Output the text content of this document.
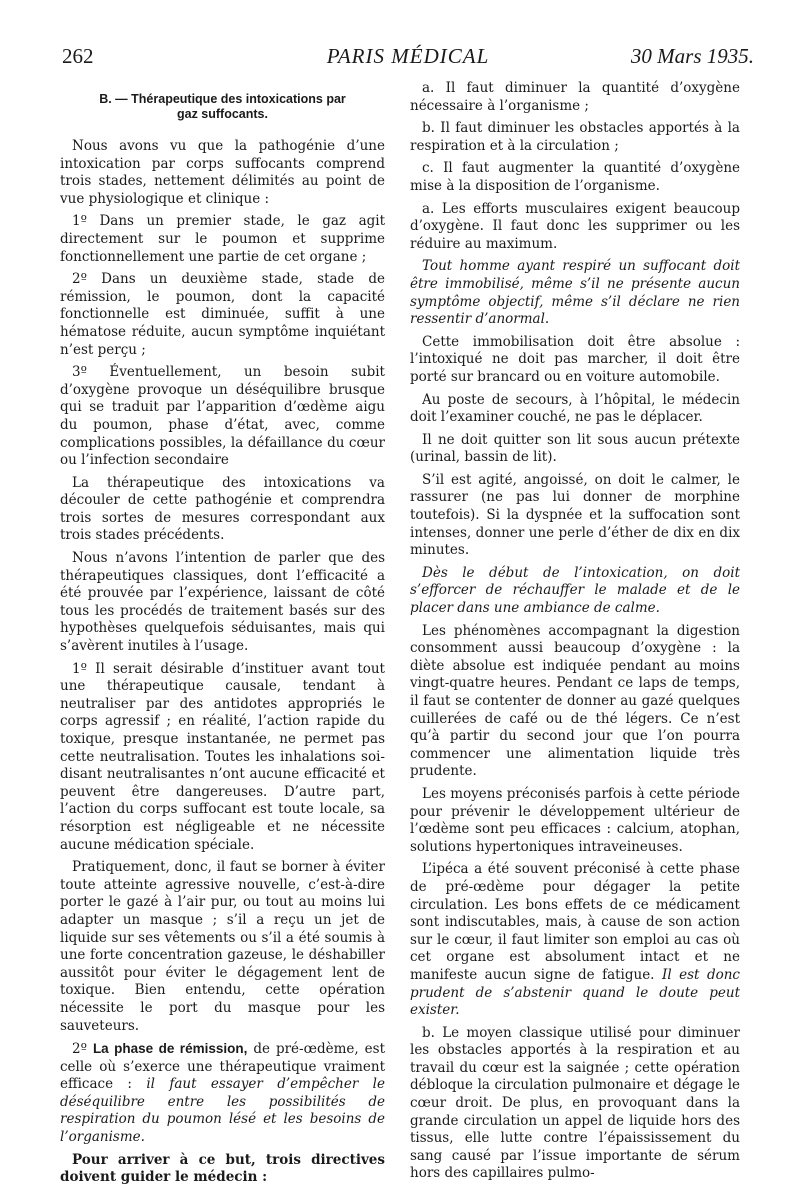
262	PARIS MÉDICAL	30 Mars 1935.
B. — Thérapeutique des intoxications par
gaz suffocants.

Nous avons vu que la pathogénie d’une intoxication par corps suffocants comprend trois stades, nettement délimités au point de vue physiologique et clinique :

1º Dans un premier stade, le gaz agit directement sur le poumon et supprime fonctionnellement une partie de cet organe ;

2º Dans un deuxième stade, stade de rémission, le poumon, dont la capacité fonctionnelle est diminuée, suffit à une hématose réduite, aucun symptôme inquiétant n’est perçu ;

3º Éventuellement, un besoin subit d’oxygène provoque un déséquilibre brusque qui se traduit par l’apparition d’œdème aigu du poumon, phase d’état, avec, comme complications possibles, la défaillance du cœur ou l’infection secondaire

La thérapeutique des intoxications va découler de cette pathogénie et comprendra trois sortes de mesures correspondant aux trois stades précédents.

Nous n’avons l’intention de parler que des thérapeutiques classiques, dont l’efficacité a été prouvée par l’expérience, laissant de côté tous les procédés de traitement basés sur des hypothèses quelquefois séduisantes, mais qui s’avèrent inutiles à l’usage.

1º Il serait désirable d’instituer avant tout une thérapeutique causale, tendant à neutraliser par des antidotes appropriés le corps agressif ; en réalité, l’action rapide du toxique, presque instantanée, ne permet pas cette neutralisation. Toutes les inhalations soi-disant neutralisantes n’ont aucune efficacité et peuvent être dangereuses. D’autre part, l’action du corps suffocant est toute locale, sa résorption est négligeable et ne nécessite aucune médication spéciale.

Pratiquement, donc, il faut se borner à éviter toute atteinte agressive nouvelle, c’est-à-dire porter le gazé à l’air pur, ou tout au moins lui adapter un masque ; s’il a reçu un jet de liquide sur ses vêtements ou s’il a été soumis à une forte concentration gazeuse, le déshabiller aussitôt pour éviter le dégagement lent de toxique. Bien entendu, cette opération nécessite le port du masque pour les sauveteurs.

2º La phase de rémission, de pré-œdème, est celle où s’exerce une thérapeutique vraiment efficace : il faut essayer d’empêcher le déséquilibre entre les possibilités de respiration du poumon lésé et les besoins de l’organisme.

Pour arriver à ce but, trois directives doivent guider le médecin :

a. Il faut diminuer la quantité d’oxygène nécessaire à l’organisme ;

b. Il faut diminuer les obstacles apportés à la respiration et à la circulation ;

c. Il faut augmenter la quantité d’oxygène mise à la disposition de l’organisme.

a. Les efforts musculaires exigent beaucoup d’oxygène. Il faut donc les supprimer ou les réduire au maximum.

Tout homme ayant respiré un suffocant doit être immobilisé, même s’il ne présente aucun symptôme objectif, même s’il déclare ne rien ressentir d’anormal.

Cette immobilisation doit être absolue : l’intoxiqué ne doit pas marcher, il doit être porté sur brancard ou en voiture automobile.

Au poste de secours, à l’hôpital, le médecin doit l’examiner couché, ne pas le déplacer.

Il ne doit quitter son lit sous aucun prétexte (urinal, bassin de lit).

S’il est agité, angoissé, on doit le calmer, le rassurer (ne pas lui donner de morphine toutefois). Si la dyspnée et la suffocation sont intenses, donner une perle d’éther de dix en dix minutes.

Dès le début de l’intoxication, on doit s’efforcer de réchauffer le malade et de le placer dans une ambiance de calme.

Les phénomènes accompagnant la digestion consomment aussi beaucoup d’oxygène : la diète absolue est indiquée pendant au moins vingt-quatre heures. Pendant ce laps de temps, il faut se contenter de donner au gazé quelques cuillerées de café ou de thé légers. Ce n’est qu’à partir du second jour que l’on pourra commencer une alimentation liquide très prudente.

Les moyens préconisés parfois à cette période pour prévenir le développement ultérieur de l’œdème sont peu efficaces : calcium, atophan, solutions hypertoniques intraveineuses.

L’ipéca a été souvent préconisé à cette phase de pré-œdème pour dégager la petite circulation. Les bons effets de ce médicament sont indiscutables, mais, à cause de son action sur le cœur, il faut limiter son emploi au cas où cet organe est absolument intact et ne manifeste aucun signe de fatigue. Il est donc prudent de s’abstenir quand le doute peut exister.

b. Le moyen classique utilisé pour diminuer les obstacles apportés à la respiration et au travail du cœur est la saignée ; cette opération débloque la circulation pulmonaire et dégage le cœur droit. De plus, en provoquant dans la grande circulation un appel de liquide hors des tissus, elle lutte contre l’épaississement du sang causé par l’issue importante de sérum hors des capillaires pulmo-
